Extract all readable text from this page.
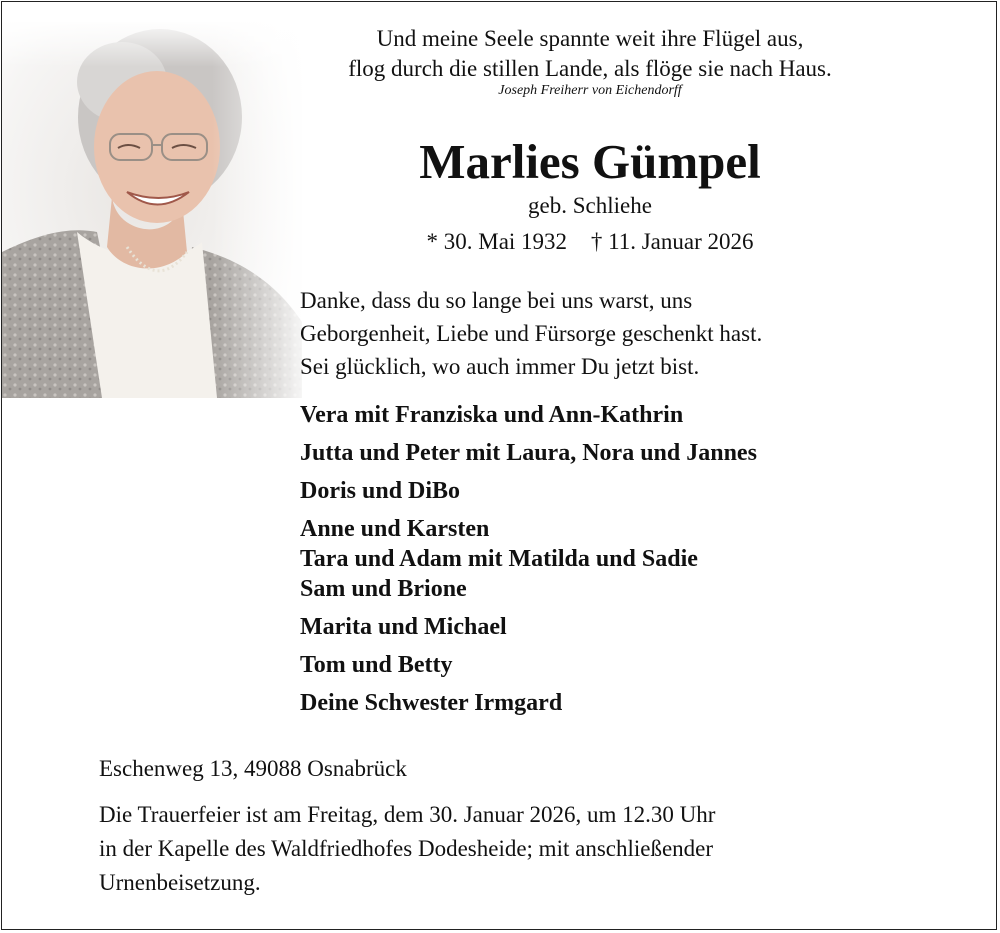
Und meine Seele spannte weit ihre Flügel aus,
flog durch die stillen Lande, als flöge sie nach Haus.
Joseph Freiherr von Eichendorff
Marlies Gümpel
geb. Schliehe
* 30. Mai 1932 † 11. Januar 2026
Danke, dass du so lange bei uns warst, uns
Geborgenheit, Liebe und Fürsorge geschenkt hast.
Sei glücklich, wo auch immer Du jetzt bist.
Vera mit Franziska und Ann-Kathrin
Jutta und Peter mit Laura, Nora und Jannes
Doris und DiBo
Anne und Karsten
Tara und Adam mit Matilda und Sadie
Sam und Brione
Marita und Michael
Tom und Betty
Deine Schwester Irmgard
Eschenweg 13, 49088 Osnabrück
Die Trauerfeier ist am Freitag, dem 30. Januar 2026, um 12.30 Uhr
in der Kapelle des Waldfriedhofes Dodesheide; mit anschließender
Urnenbeisetzung.
